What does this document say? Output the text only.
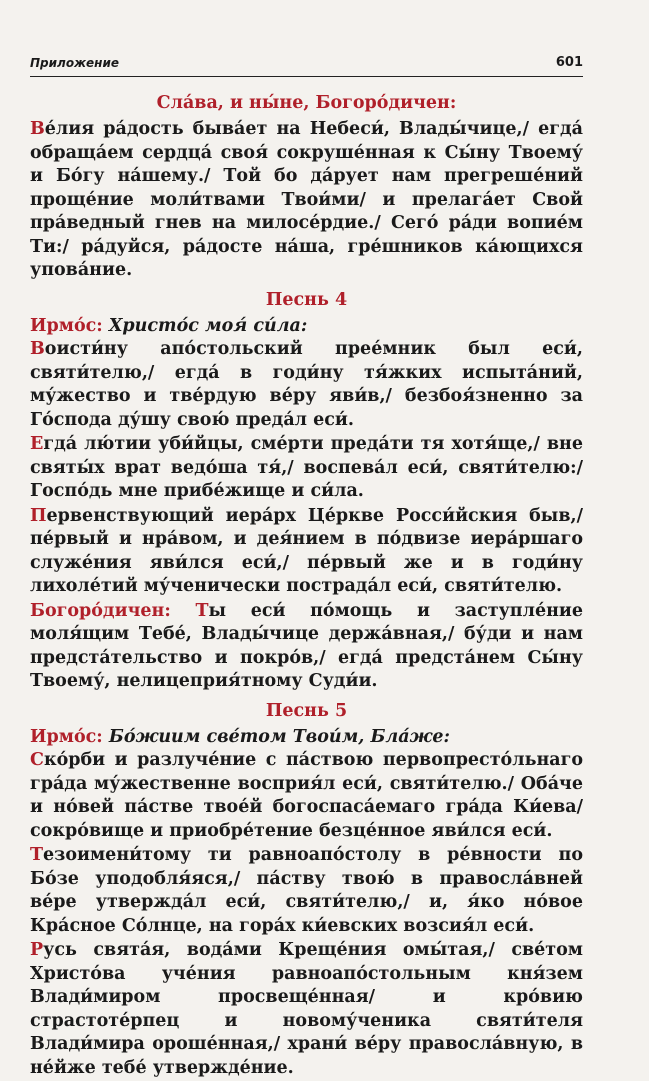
Приложение	601
Сла́ва, и ны́не, Богоро́дичен:

Ве́лия ра́дость быва́ет на Небеси́, Влады́чице,/ егда́ обраща́ем сердца́ своя́ сокруше́нная к Сы́ну Твоему́ и Бо́гу на́шему./ Той бо да́рует нам прегреше́ний проще́ние моли́твами Твои́ми/ и прелага́ет Свой пра́ведный гнев на милосе́рдие./ Сего́ ра́ди вопие́м Ти:/ ра́дуйся, ра́досте на́ша, гре́шников ка́ющихся упова́ние.

Песнь 4

Ирмо́с: Христо́с моя́ си́ла:

Воисти́ну апо́стольский прее́мник был еси́, святи́телю,/ егда́ в годи́ну тя́жких испыта́ний, му́жество и тве́рдую ве́ру яви́в,/ безбоя́зненно за Го́спода ду́шу свою́ преда́л еси́.

Егда́ лю́тии уби́йцы, сме́рти преда́ти тя хотя́ще,/ вне святы́х врат ведо́ша тя́,/ воспева́л еси́, святи́телю:/ Госпо́дь мне прибе́жище и си́ла.

Первенствующий иера́рх Це́ркве Росси́йския быв,/ пе́рвый и нра́вом, и дея́нием в по́двизе иера́ршаго служе́ния яви́лся еси́,/ пе́рвый же и в годи́ну лихоле́тий му́ченически пострада́л еси́, святи́телю.

Богоро́дичен: Ты еси́ по́мощь и заступле́ние моля́щим Тебе́, Влады́чице держа́вная,/ бу́ди и нам предста́тельство и покро́в,/ егда́ предста́нем Сы́ну Твоему́, нелицеприя́тному Суди́и.

Песнь 5

Ирмо́с: Бо́жиим све́том Твои́м, Бла́же:

Ско́рби и разлуче́ние с па́ствою первопресто́льнаго гра́да му́жественне восприя́л еси́, святи́телю./ Оба́че и но́вей па́стве твое́й богоспаса́емаго гра́да Ки́ева/ сокро́вище и приобре́тение безце́нное яви́лся еси́.

Тезоимени́тому ти равноапо́столу в ре́вности по Бо́зе уподобля́яся,/ па́ству твою́ в правосла́вней ве́ре утвержда́л еси́, святи́телю,/ и, я́ко но́вое Кра́сное Со́лнце, на гора́х ки́евских возсия́л еси́.

Русь свята́я, вода́ми Креще́ния омы́тая,/ све́том Христо́ва уче́ния равноапо́стольным кня́зем Влади́миром просвеще́нная/ и кро́вию страстоте́рпец и новому́ченика святи́теля Влади́мира ороше́нная,/ храни́ ве́ру правосла́вную, в не́йже тебе́ утвержде́ние.
